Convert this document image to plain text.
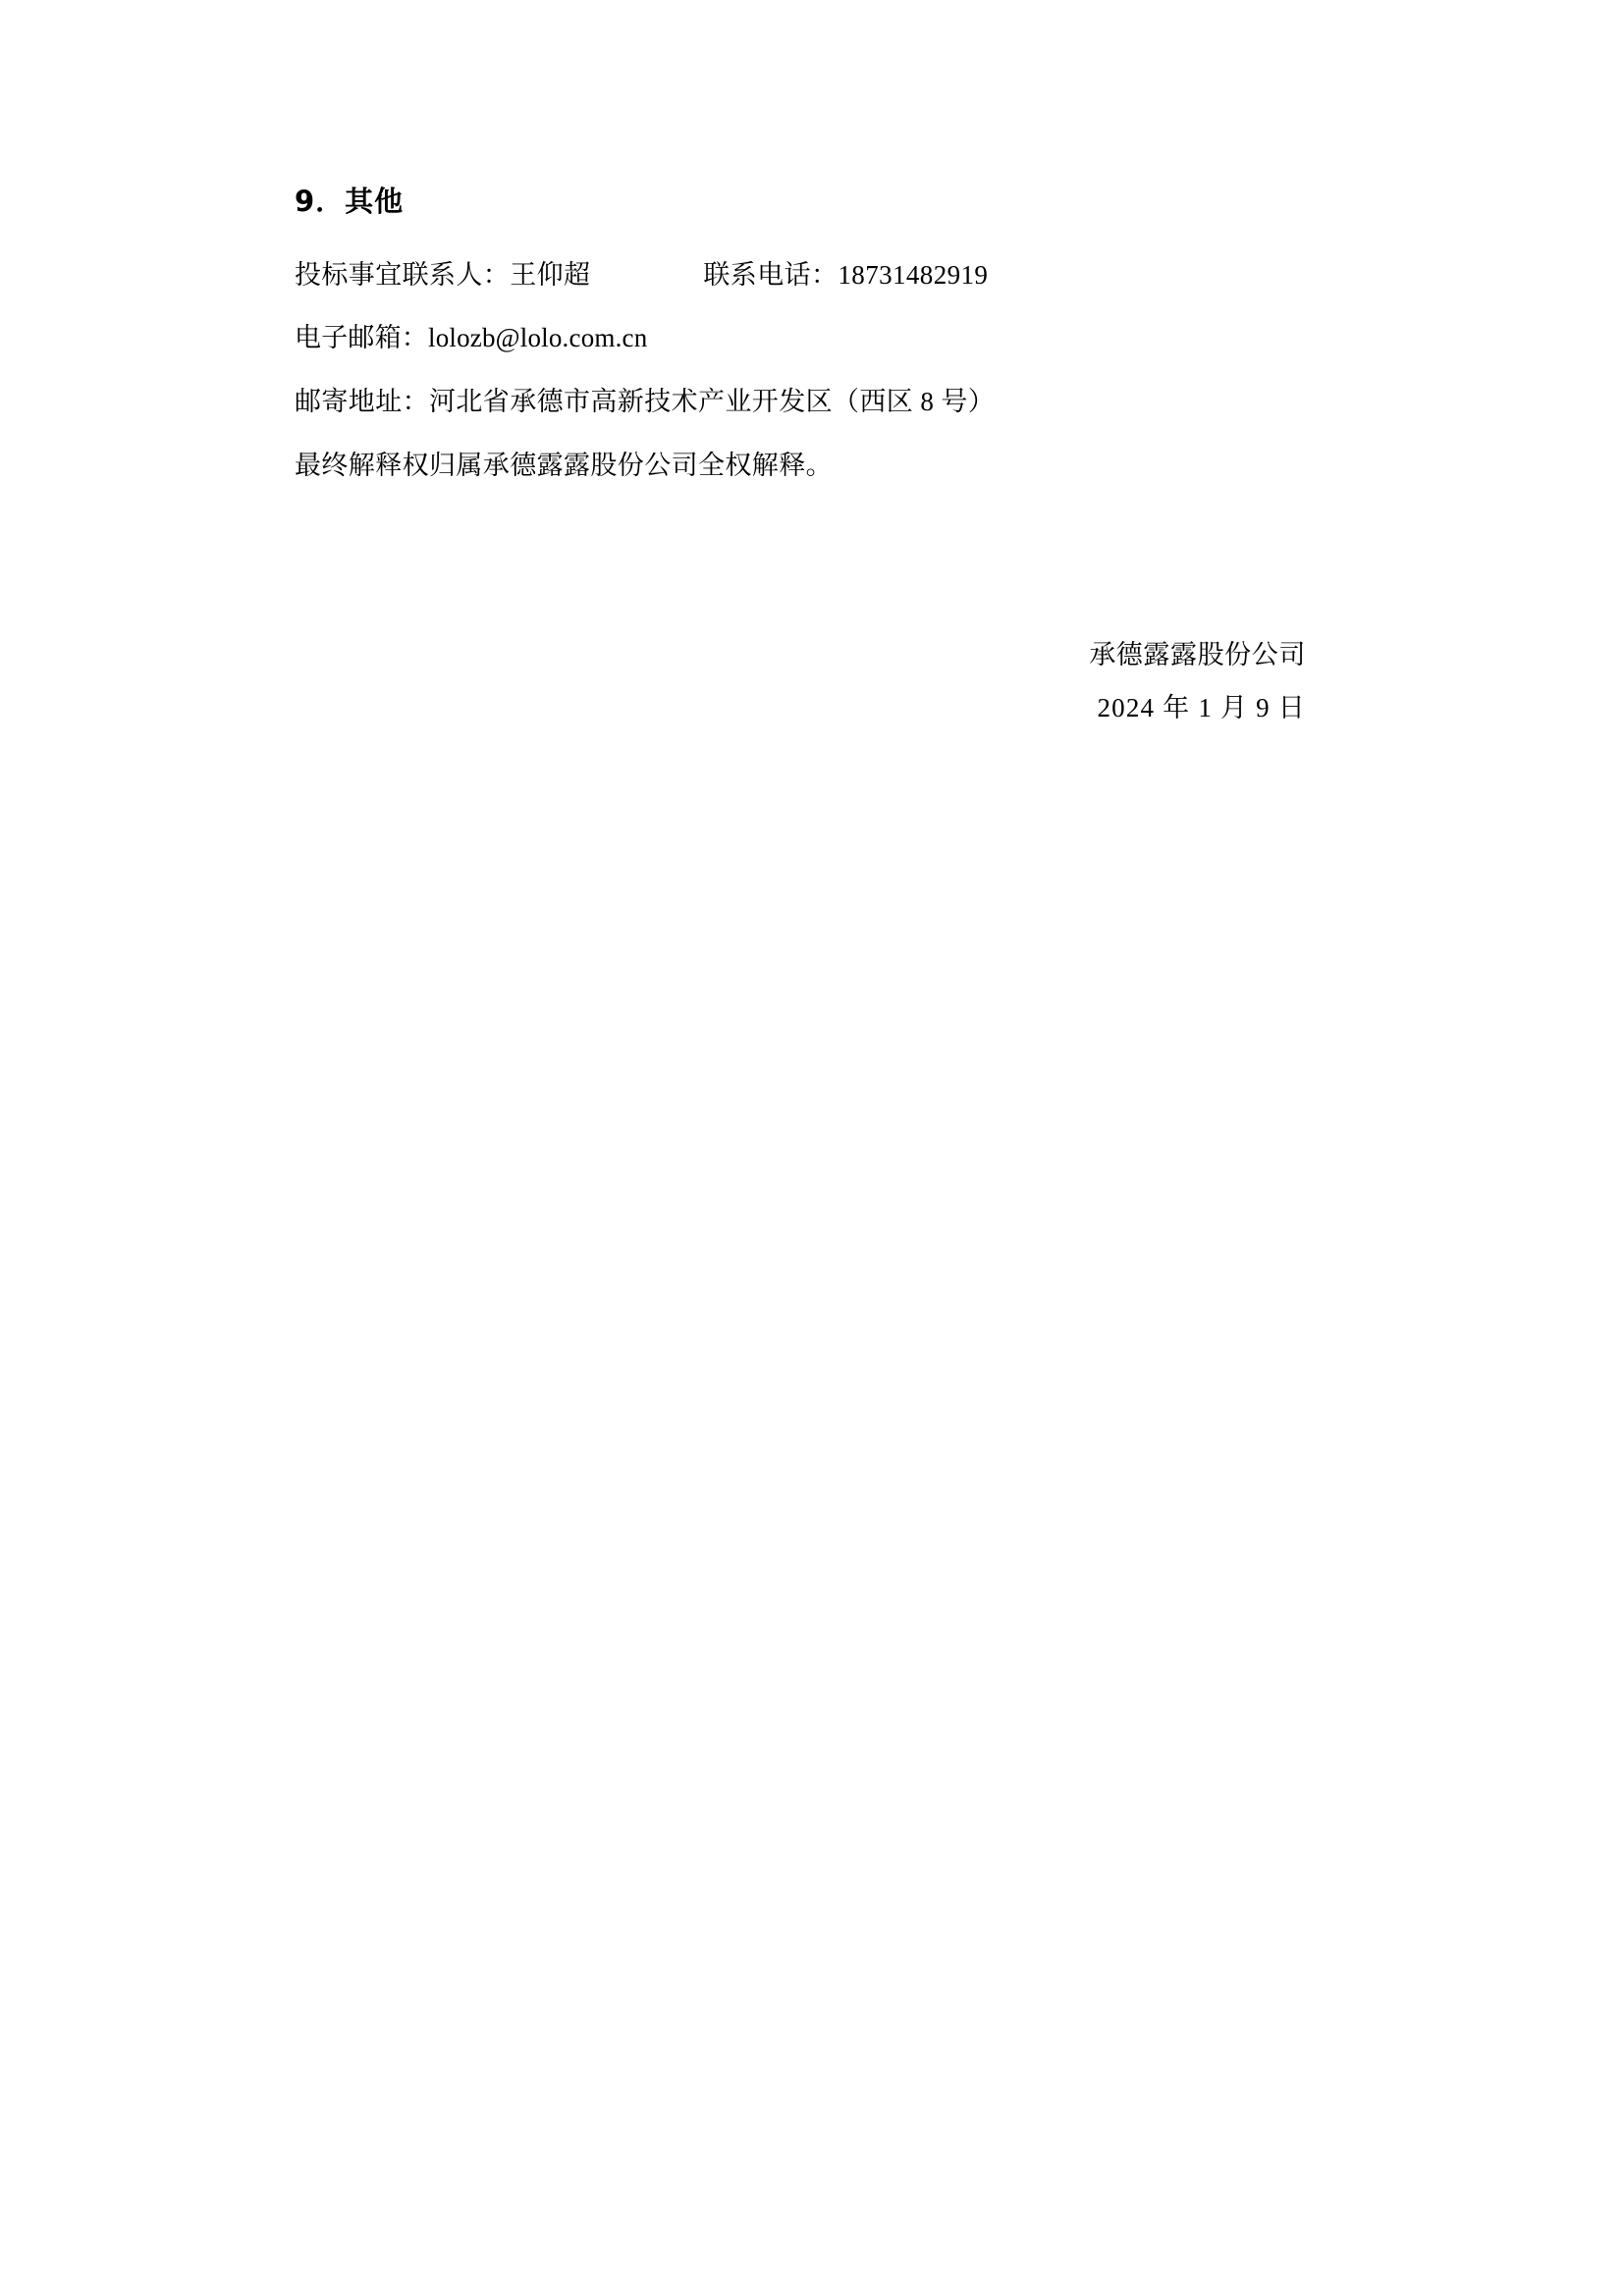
9．其他
投标事宜联系人：王仰超	联系电话：18731482919
电子邮箱：lolozb@lolo.com.cn
邮寄地址：河北省承德市高新技术产业开发区（西区 8 号）
最终解释权归属承德露露股份公司全权解释。
承德露露股份公司
2024 年 1 月 9 日
